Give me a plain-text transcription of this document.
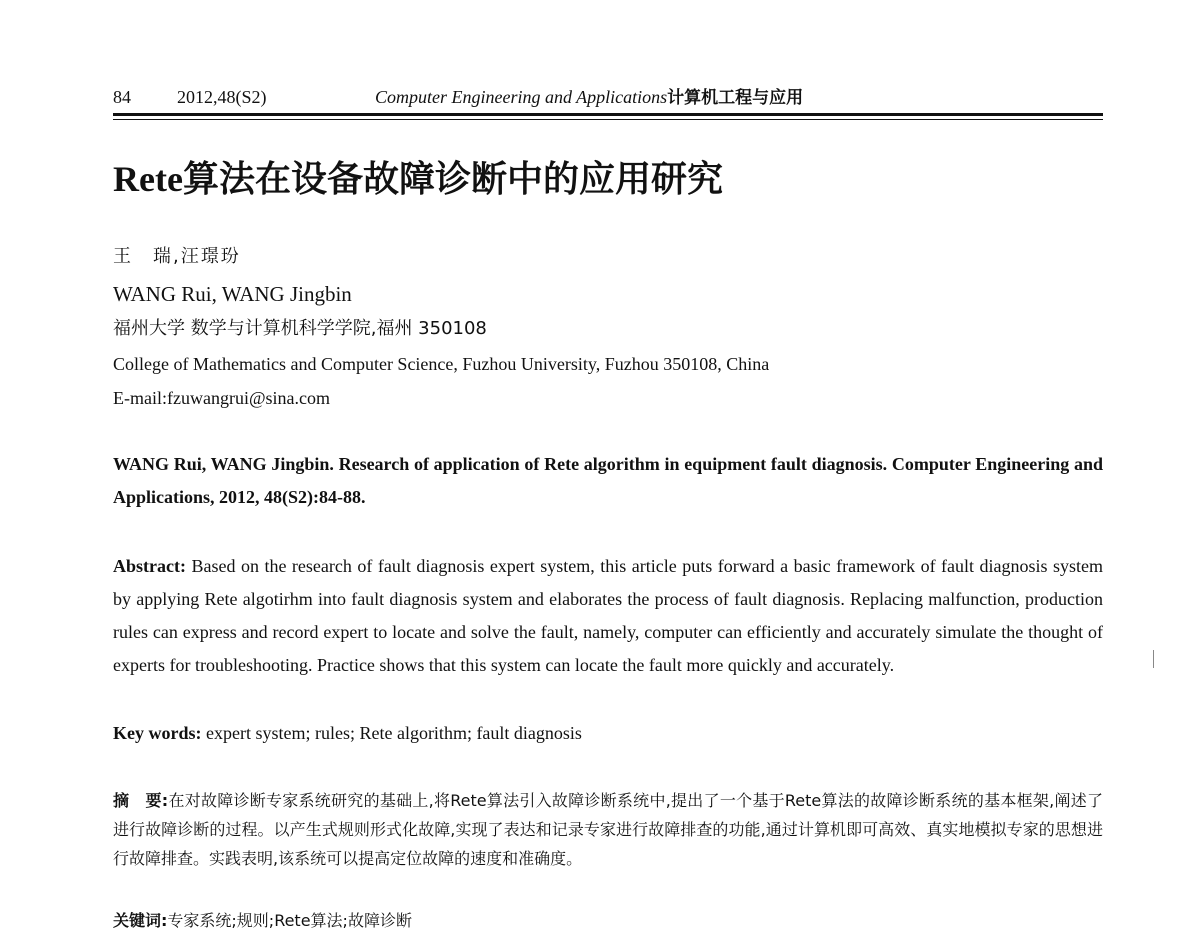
84	2012,48(S2)	Computer Engineering and Applications计算机工程与应用
Rete算法在设备故障诊断中的应用研究
王　瑞,汪璟玢
WANG Rui, WANG Jingbin
福州大学 数学与计算机科学学院,福州 350108
College of Mathematics and Computer Science, Fuzhou University, Fuzhou 350108, China
E-mail:fzuwangrui@sina.com

WANG Rui, WANG Jingbin. Research of application of Rete algorithm in equipment fault diagnosis. Computer Engineering and Applications, 2012, 48(S2):84-88.

Abstract: Based on the research of fault diagnosis expert system, this article puts forward a basic framework of fault diagnosis system by applying Rete algotirhm into fault diagnosis system and elaborates the process of fault diagnosis. Replacing malfunction, production rules can express and record expert to locate and solve the fault, namely, computer can efficiently and accurately simulate the thought of experts for troubleshooting. Practice shows that this system can locate the fault more quickly and accurately.

Key words: expert system; rules; Rete algorithm; fault diagnosis

摘　要:在对故障诊断专家系统研究的基础上,将Rete算法引入故障诊断系统中,提出了一个基于Rete算法的故障诊断系统的基本框架,阐述了进行故障诊断的过程。以产生式规则形式化故障,实现了表达和记录专家进行故障排查的功能,通过计算机即可高效、真实地模拟专家的思想进行故障排查。实践表明,该系统可以提高定位故障的速度和准确度。

关键词:专家系统;规则;Rete算法;故障诊断
